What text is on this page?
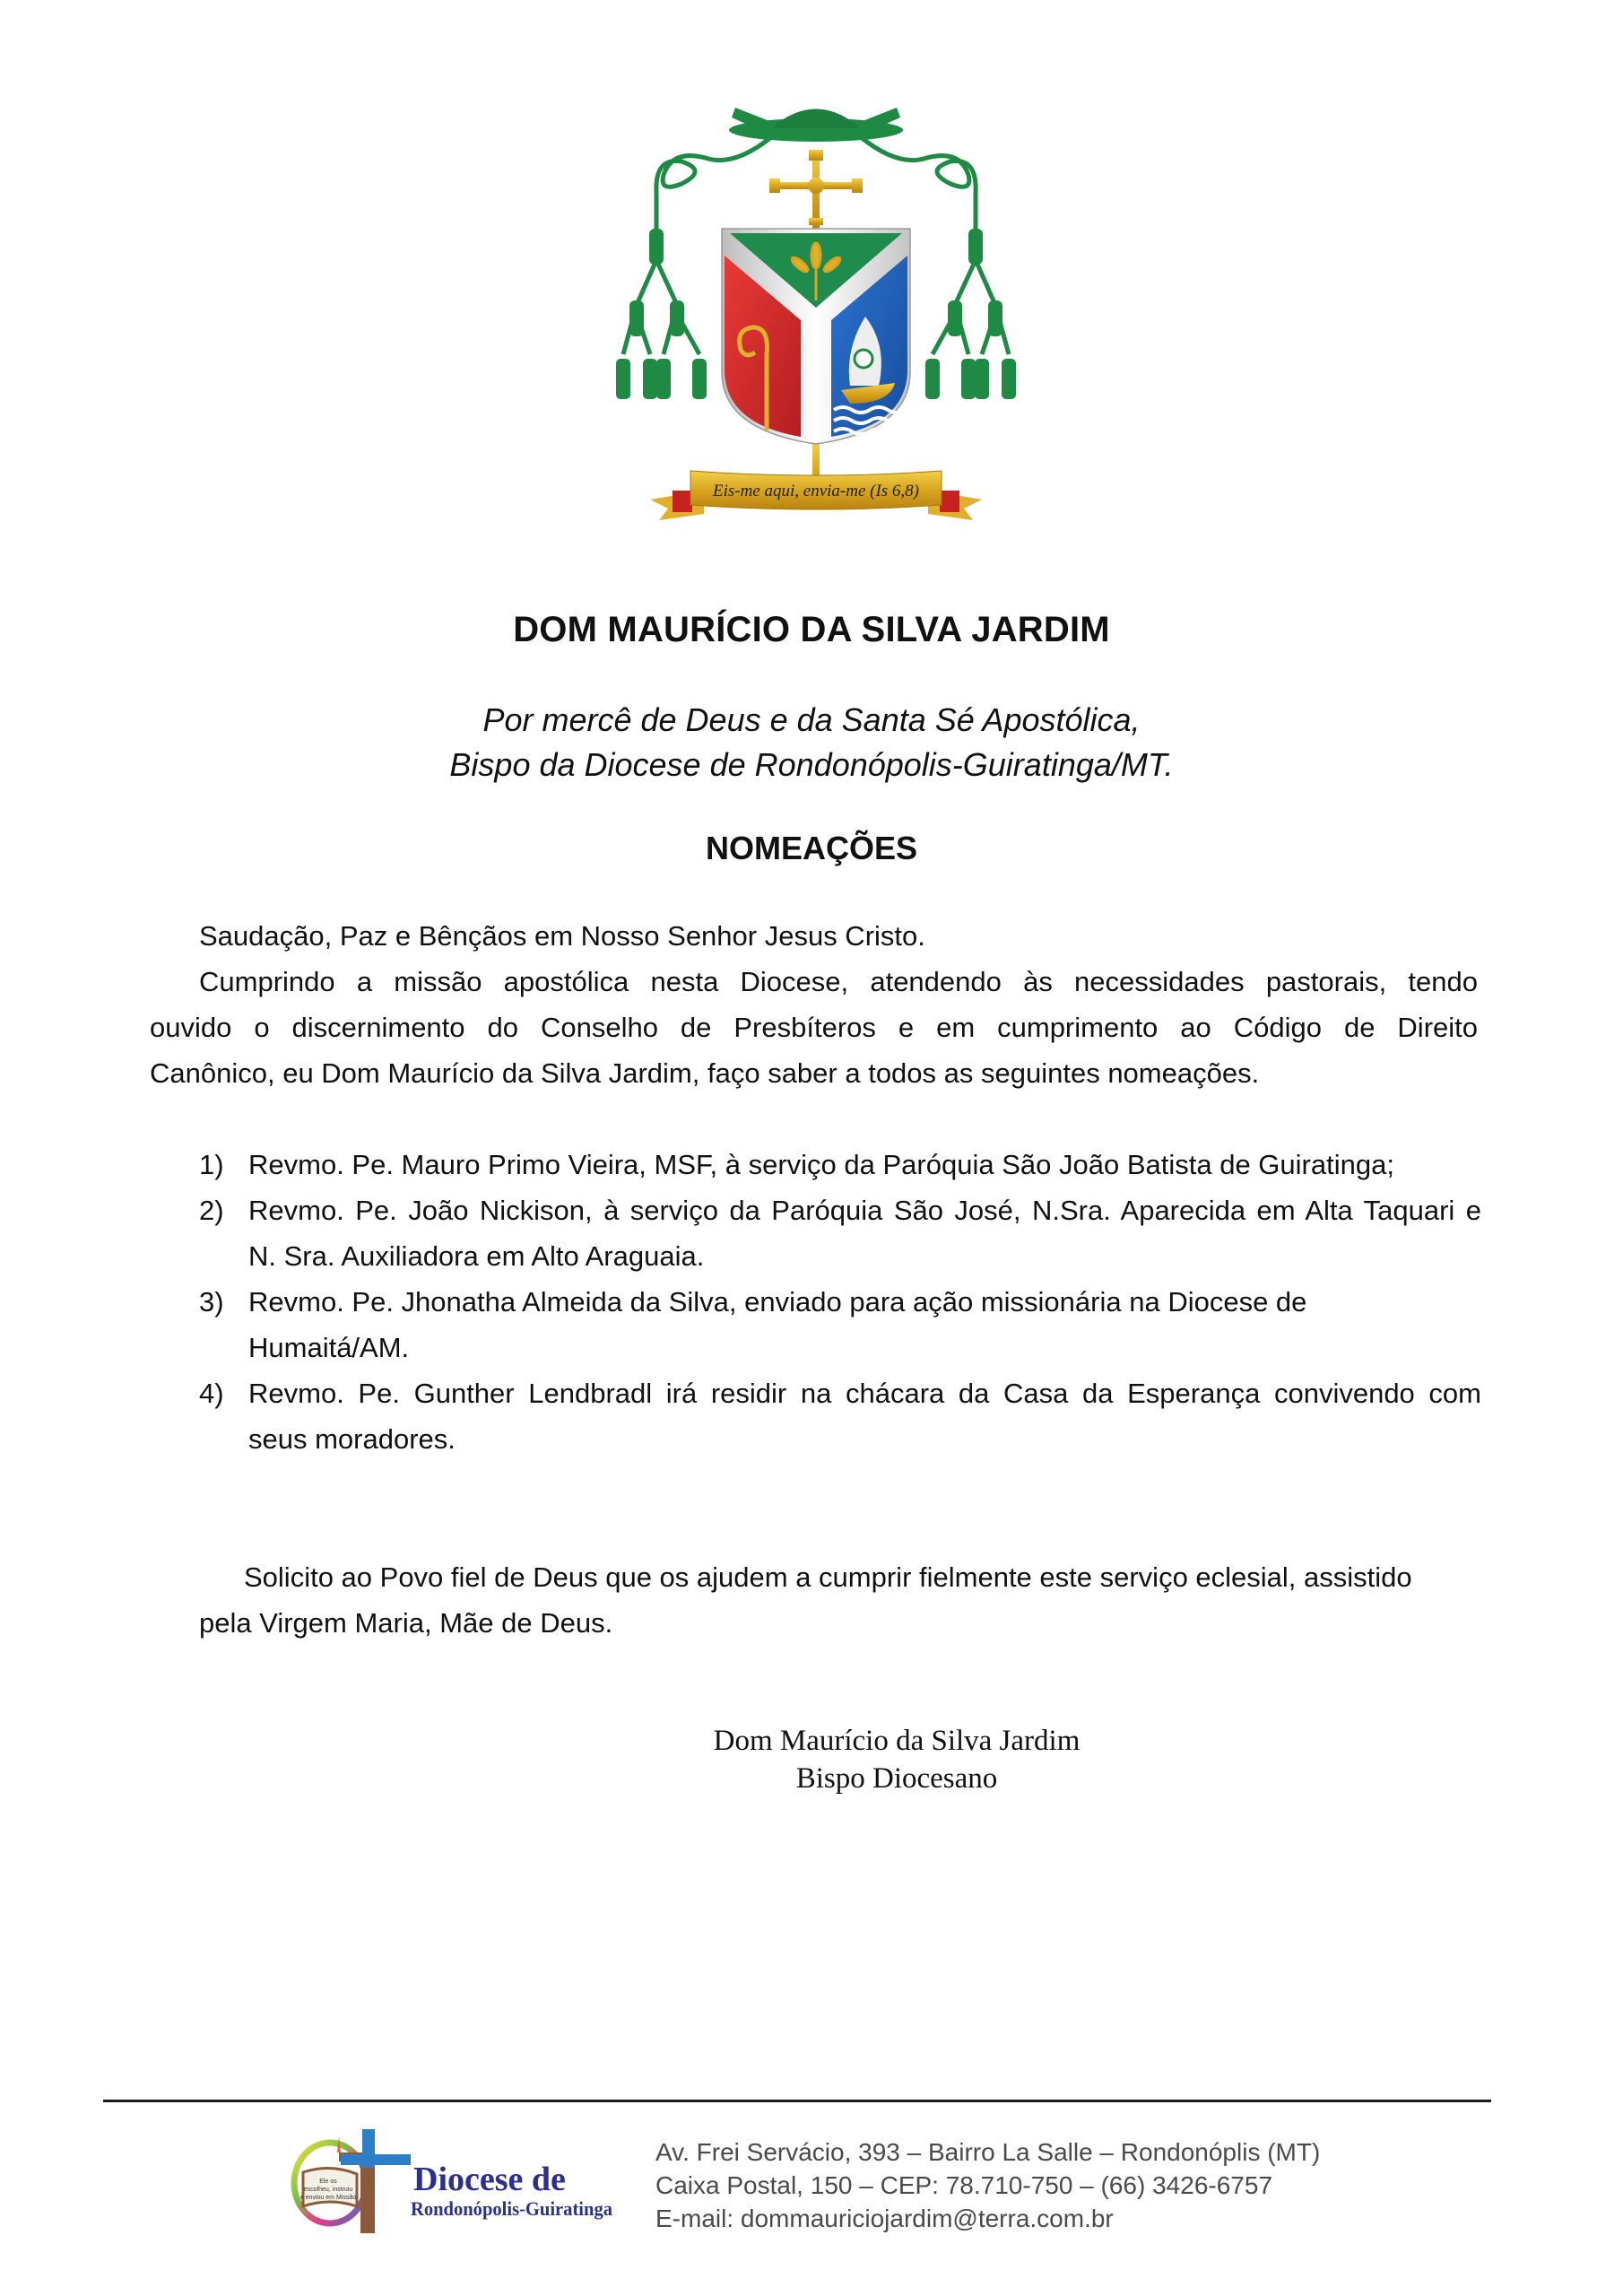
Eis-me aqui, envia-me (Is 6,8)
DOM MAURÍCIO DA SILVA JARDIM
Por mercê de Deus e da Santa Sé Apostólica,
Bispo da Diocese de Rondonópolis-Guiratinga/MT.
NOMEAÇÕES
Saudação, Paz e Bênçãos em Nosso Senhor Jesus Cristo.
Cumprindo a missão apostólica nesta Diocese, atendendo às necessidades pastorais, tendo
ouvido o discernimento do Conselho de Presbíteros e em cumprimento ao Código de Direito
Canônico, eu Dom Maurício da Silva Jardim, faço saber a todos as seguintes nomeações.
1) Revmo. Pe. Mauro Primo Vieira, MSF, à serviço da Paróquia São João Batista de Guiratinga;
2) Revmo. Pe. João Nickison, à serviço da Paróquia São José, N.Sra. Aparecida em Alta Taquari e
N. Sra. Auxiliadora em Alto Araguaia.
3) Revmo. Pe. Jhonatha Almeida da Silva, enviado para ação missionária na Diocese de
Humaitá/AM.
4) Revmo. Pe. Gunther Lendbradl irá residir na chácara da Casa da Esperança convivendo com
seus moradores.
Solicito ao Povo fiel de Deus que os ajudem a cumprir fielmente este serviço eclesial, assistido
pela Virgem Maria, Mãe de Deus.
Dom Maurício da Silva Jardim
Bispo Diocesano
Ele os
escolheu, instruiu
e enviou em Missão Diocese de
Rondonópolis-Guiratinga
Av. Frei Servácio, 393 – Bairro La Salle – Rondonóplis (MT)
Caixa Postal, 150 – CEP: 78.710-750 – (66) 3426-6757
E-mail: dommauriciojardim@terra.com.br
